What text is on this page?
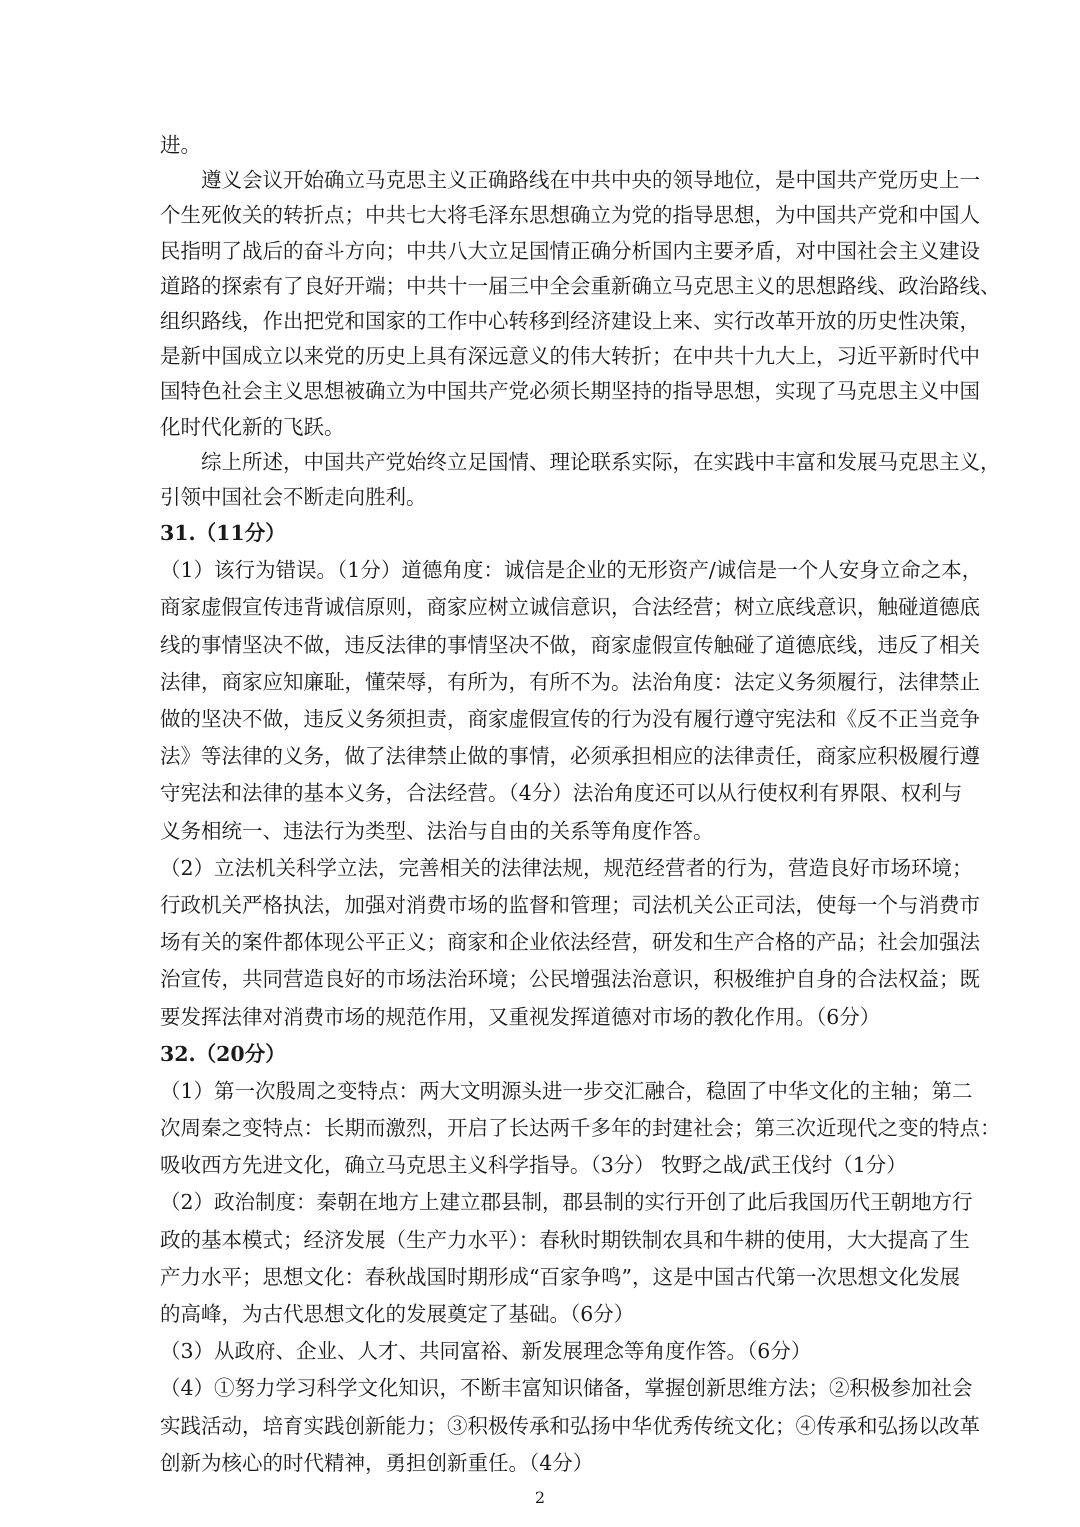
进。
遵义会议开始确立马克思主义正确路线在中共中央的领导地位，是中国共产党历史上一
个生死攸关的转折点；中共七大将毛泽东思想确立为党的指导思想，为中国共产党和中国人
民指明了战后的奋斗方向；中共八大立足国情正确分析国内主要矛盾，对中国社会主义建设
道路的探索有了良好开端；中共十一届三中全会重新确立马克思主义的思想路线、政治路线、
组织路线，作出把党和国家的工作中心转移到经济建设上来、实行改革开放的历史性决策，
是新中国成立以来党的历史上具有深远意义的伟大转折；在中共十九大上，习近平新时代中
国特色社会主义思想被确立为中国共产党必须长期坚持的指导思想，实现了马克思主义中国
化时代化新的飞跃。
综上所述，中国共产党始终立足国情、理论联系实际，在实践中丰富和发展马克思主义，
引领中国社会不断走向胜利。
31.（11分）
（1）该行为错误。（1分）道德角度：诚信是企业的无形资产/诚信是一个人安身立命之本，
商家虚假宣传违背诚信原则，商家应树立诚信意识，合法经营；树立底线意识，触碰道德底
线的事情坚决不做，违反法律的事情坚决不做，商家虚假宣传触碰了道德底线，违反了相关
法律，商家应知廉耻，懂荣辱，有所为，有所不为。法治角度：法定义务须履行，法律禁止
做的坚决不做，违反义务须担责，商家虚假宣传的行为没有履行遵守宪法和《反不正当竞争
法》等法律的义务，做了法律禁止做的事情，必须承担相应的法律责任，商家应积极履行遵
守宪法和法律的基本义务，合法经营。（4分）法治角度还可以从行使权利有界限、权利与
义务相统一、违法行为类型、法治与自由的关系等角度作答。
（2）立法机关科学立法，完善相关的法律法规，规范经营者的行为，营造良好市场环境；
行政机关严格执法，加强对消费市场的监督和管理；司法机关公正司法，使每一个与消费市
场有关的案件都体现公平正义；商家和企业依法经营，研发和生产合格的产品；社会加强法
治宣传，共同营造良好的市场法治环境；公民增强法治意识，积极维护自身的合法权益；既
要发挥法律对消费市场的规范作用，又重视发挥道德对市场的教化作用。（6分）
32.（20分）
（1）第一次殷周之变特点：两大文明源头进一步交汇融合，稳固了中华文化的主轴；第二
次周秦之变特点：长期而激烈，开启了长达两千多年的封建社会；第三次近现代之变的特点：
吸收西方先进文化，确立马克思主义科学指导。（3分） 牧野之战/武王伐纣（1分）
（2）政治制度：秦朝在地方上建立郡县制，郡县制的实行开创了此后我国历代王朝地方行
政的基本模式；经济发展（生产力水平）：春秋时期铁制农具和牛耕的使用，大大提高了生
产力水平；思想文化：春秋战国时期形成“百家争鸣”，这是中国古代第一次思想文化发展
的高峰，为古代思想文化的发展奠定了基础。（6分）
（3）从政府、企业、人才、共同富裕、新发展理念等角度作答。（6分）
（4）①努力学习科学文化知识，不断丰富知识储备，掌握创新思维方法；②积极参加社会
实践活动，培育实践创新能力；③积极传承和弘扬中华优秀传统文化；④传承和弘扬以改革
创新为核心的时代精神，勇担创新重任。（4分）
2
